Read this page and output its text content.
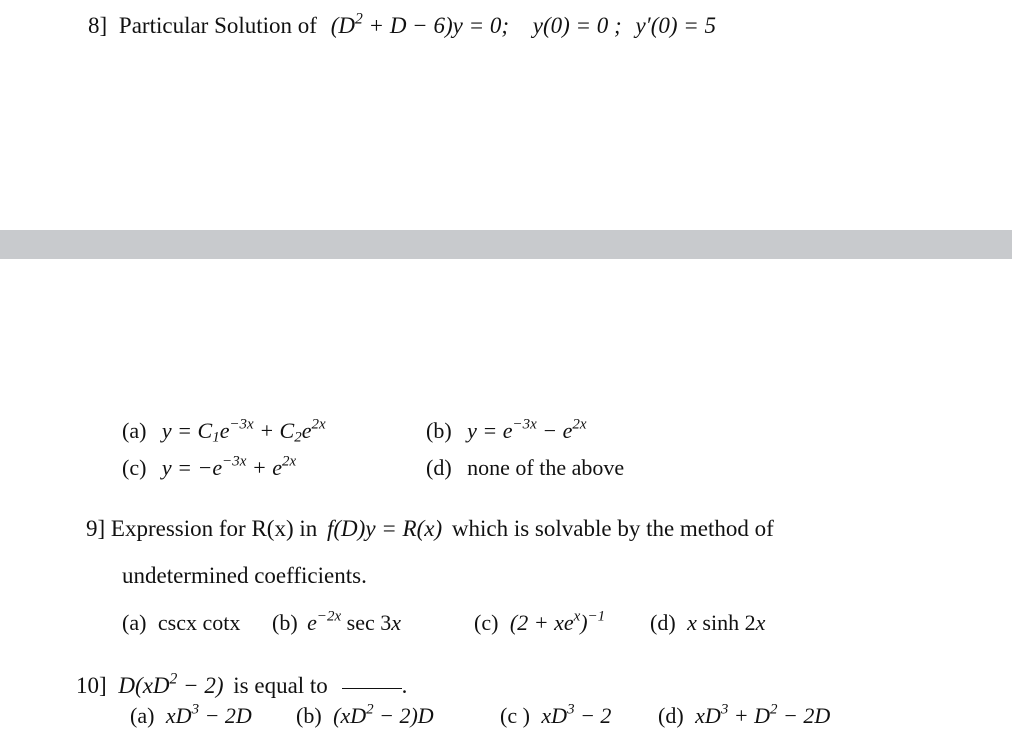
8] Particular Solution of $(D^2 + D - 6)y = 0$; y(0) = 0 ; y′(0) = 5
(a) $y = C_1e^{-3x} + C_2e^{2x}$	(b) $y = e^{-3x} - e^{2x}$
(c) $y = -e^{-3x} + e^{2x}$	(d) none of the above
9] Expression for R(x) in f(D)y = R(x) which is solvable by the method of
undetermined coefficients.
(a) cscx cotx (b) $e^{-2x}$ sec 3x	(c) $(2 + xe^x)^{-1}$ (d) x sinh 2x
10] $D(xD^2 - 2)$ is equal to	.
(a) $xD^3 - 2D$ (b) $(xD^2 - 2)D$	(c ) $xD^3 - 2$ (d) $xD^3 + D^2 - 2D$
